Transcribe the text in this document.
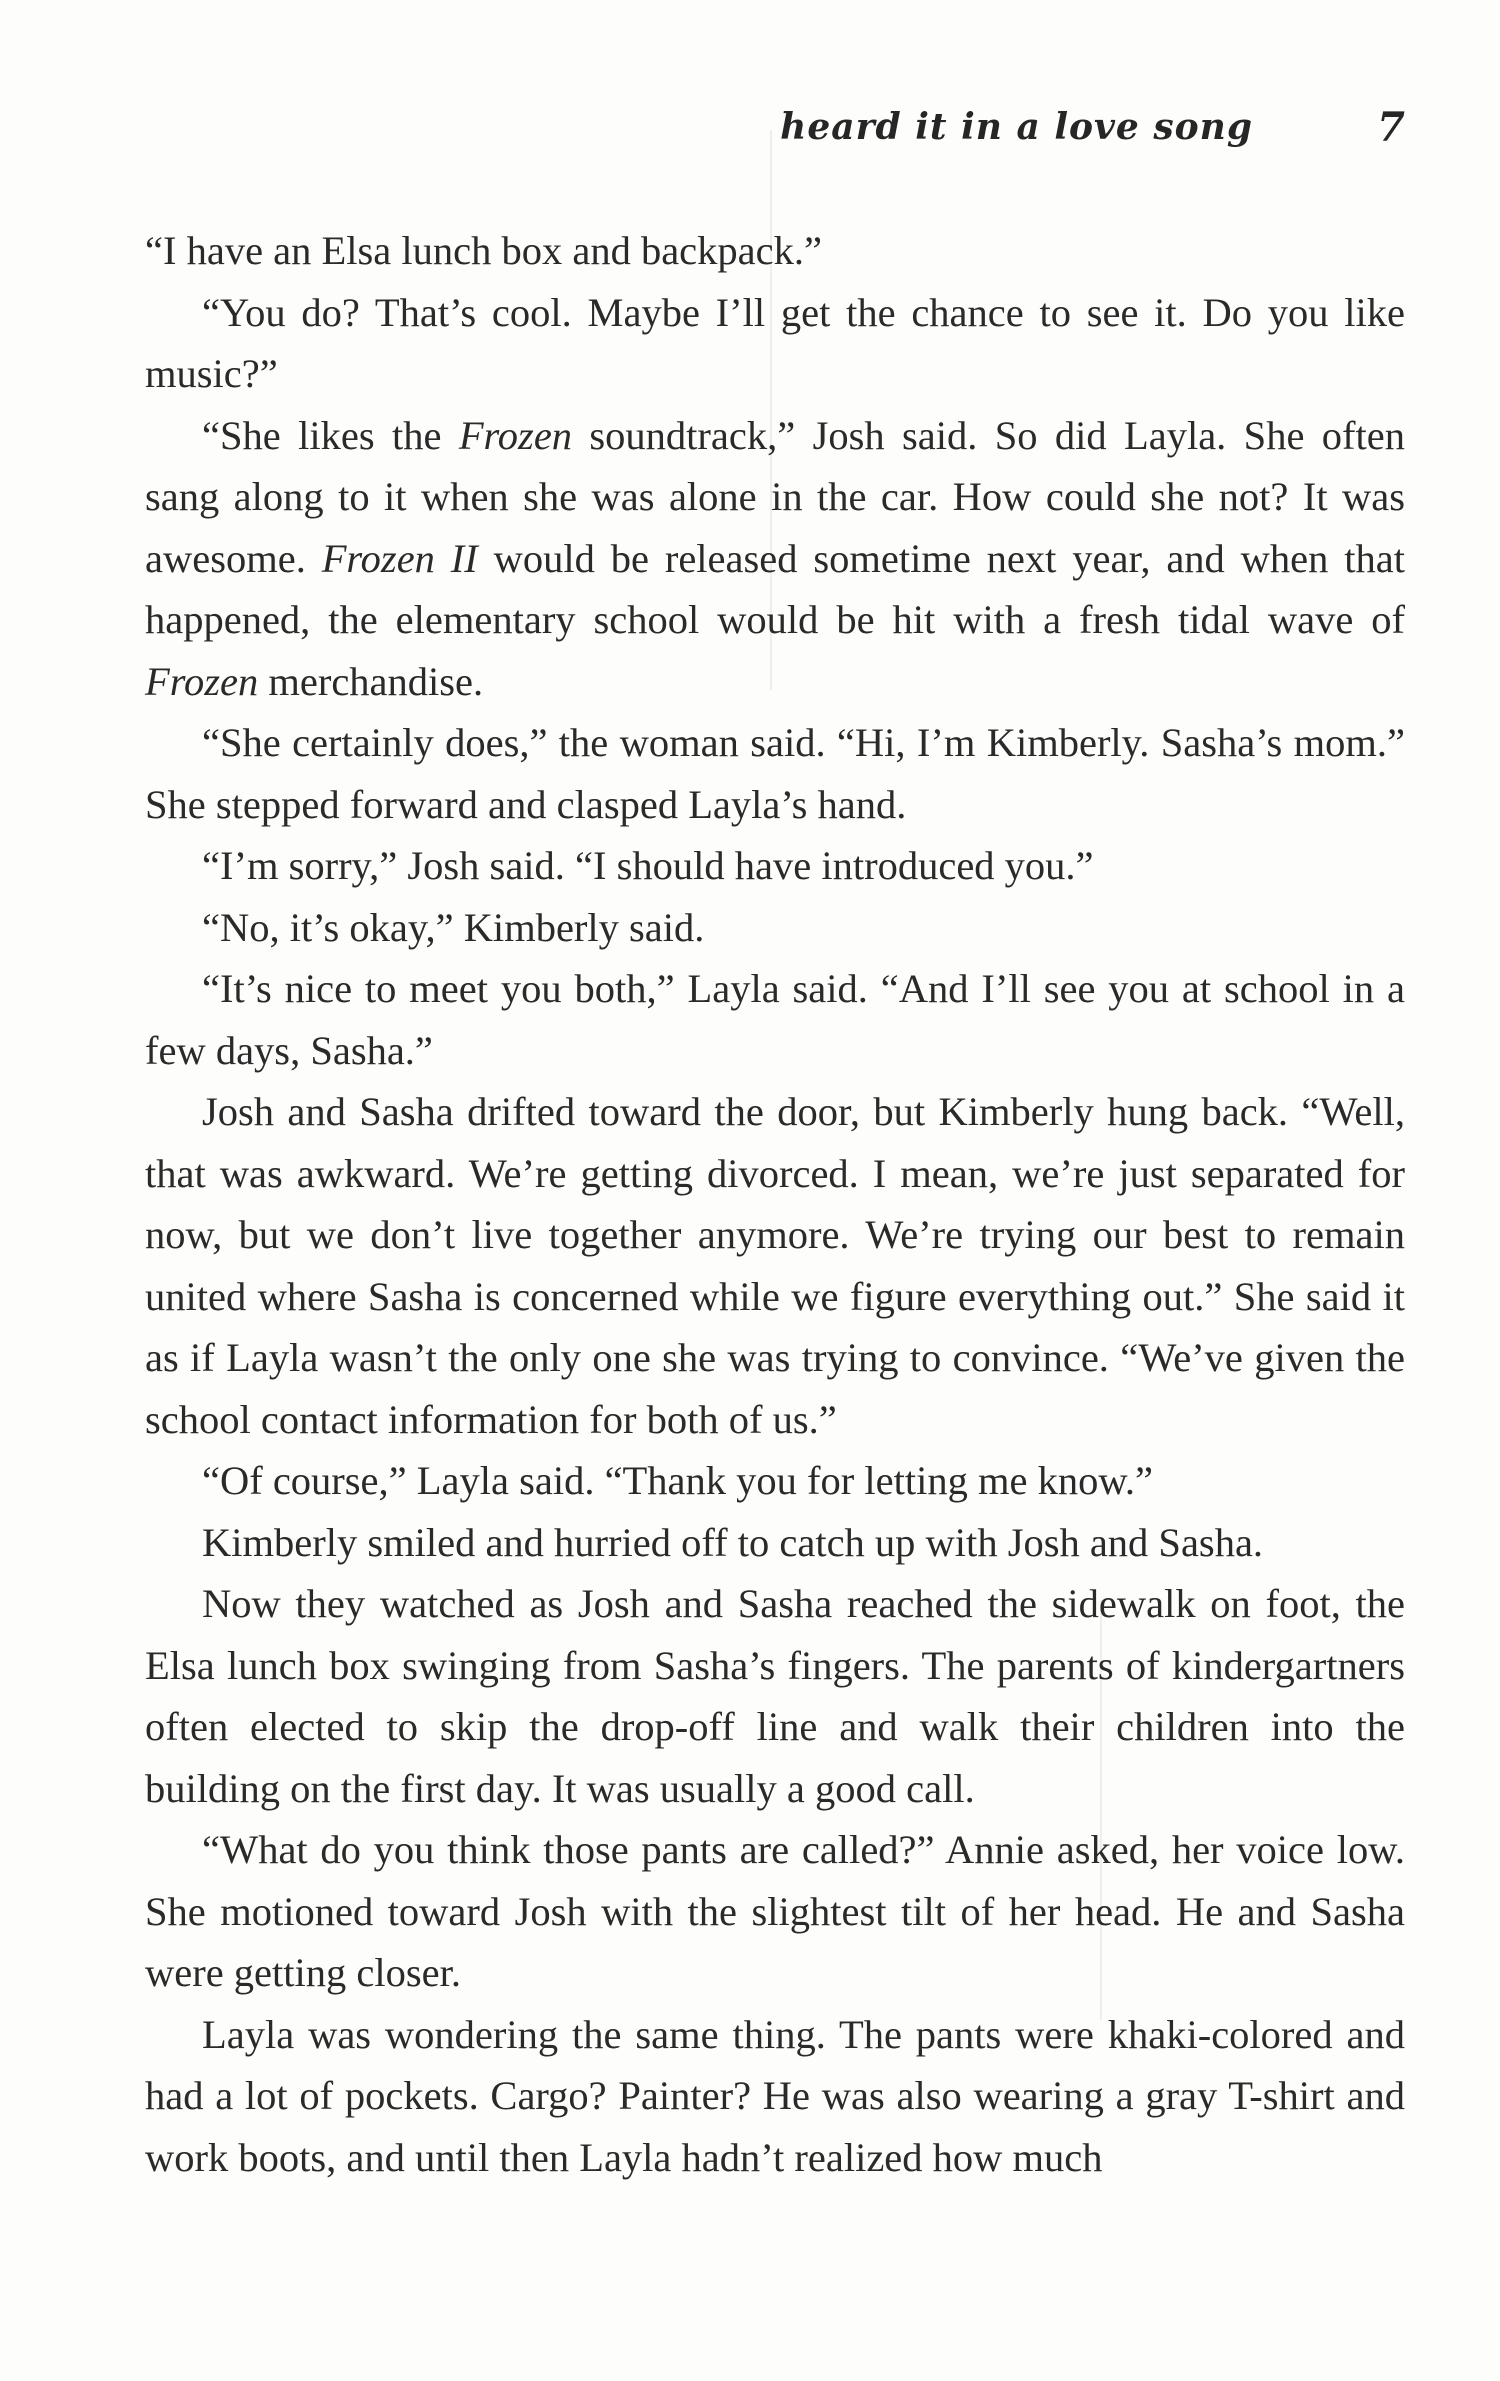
heard it in a love song	7

“I have an Elsa lunch box and backpack.”

“You do? That’s cool. Maybe I’ll get the chance to see it. Do you like music?”

“She likes the Frozen soundtrack,” Josh said. So did Layla. She often sang along to it when she was alone in the car. How could she not? It was awesome. Frozen II would be released sometime next year, and when that happened, the elementary school would be hit with a fresh tidal wave of Frozen merchandise.

“She certainly does,” the woman said. “Hi, I’m Kimberly. Sasha’s mom.” She stepped forward and clasped Layla’s hand.

“I’m sorry,” Josh said. “I should have introduced you.”

“No, it’s okay,” Kimberly said.

“It’s nice to meet you both,” Layla said. “And I’ll see you at school in a few days, Sasha.”

Josh and Sasha drifted toward the door, but Kimberly hung back. “Well, that was awkward. We’re getting divorced. I mean, we’re just separated for now, but we don’t live together anymore. We’re trying our best to remain united where Sasha is concerned while we figure everything out.” She said it as if Layla wasn’t the only one she was trying to convince. “We’ve given the school contact information for both of us.”

“Of course,” Layla said. “Thank you for letting me know.”

Kimberly smiled and hurried off to catch up with Josh and Sasha.

Now they watched as Josh and Sasha reached the sidewalk on foot, the Elsa lunch box swinging from Sasha’s fingers. The parents of kindergartners often elected to skip the drop-off line and walk their children into the building on the first day. It was usually a good call.

“What do you think those pants are called?” Annie asked, her voice low. She motioned toward Josh with the slightest tilt of her head. He and Sasha were getting closer.

Layla was wondering the same thing. The pants were khaki-colored and had a lot of pockets. Cargo? Painter? He was also wearing a gray T-shirt and work boots, and until then Layla hadn’t realized how much
